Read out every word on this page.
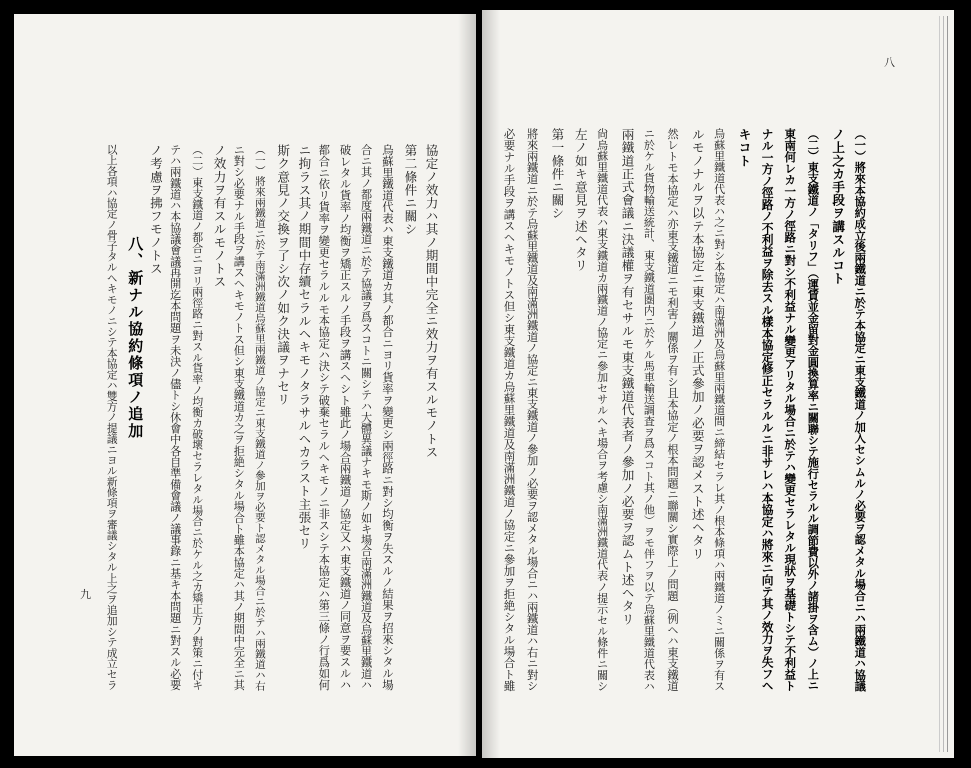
協定ノ效力ハ其ノ期間中完全ニ效力ヲ有スルモノトス
第二條件ニ關シ
烏蘇里鐵道代表ハ東支鐵道カ其ノ都合ニヨリ貨率ヲ變更シ兩徑路ニ對シ均衡ヲ失スルノ結果ヲ招來シタル場
合ニ其ノ都度兩鐵道ニ於テ協議ヲ爲スコトニ關シテハ大體異議ナキモ斯ノ如キ場合南滿洲鐵道及烏蘇里鐵道ハ
破レタル貨率ノ均衡ヲ矯正スルノ手段ヲ講スヘシト雖此ノ場合兩鐵道ノ協定又ハ東支鐵道ノ同意ヲ要スルハ
都合ニ依リ貨率ヲ變更セラルルモ本協定ハ決シテ破棄セラルヘキモノニ非スシテ本協定ハ第三條ノ行爲如何
ニ拘ラス其ノ期間中存續セラルヘキモノタラサルヘカラスト主張セリ
斯ク意見ノ交換ヲ了シ次ノ如ク決議ヲナセリ
（一）將來兩鐵道ニ於テ南滿洲鐵道烏蘇里兩鐵道ノ協定ニ東支鐵道ノ參加ヲ必要ト認メタル場合ニ於テハ兩鐵道ハ右
ニ對シ必要ナル手段ヲ講スヘキモノトス但シ東支鐵道カ之ヲ拒絶シタル場合ト雖本協定ハ其ノ期間中完全ニ其
ノ效力ヲ有スルモノトス
（二）東支鐵道ノ都合ニヨリ兩徑路ニ對スル貨率ノ均衡カ破壞セラレタル場合ニ於ケル之カ矯正方ノ對策ニ付キ
テハ兩鐵道ハ本協議會議再開迄本問題ヲ未決ノ儘トシ休會中各自準備會議ノ議事錄ニ基キ本問題ニ對スル必要
ノ考慮ヲ拂フモノトス
八、新ナル協約條項ノ追加
以上各項ハ協定ノ骨子タルヘキモノニシテ本協定ハ雙方ノ提議ニヨル新條項ヲ審議シタル上之ヲ追加シテ成立セラ
九	（一）將來本協約成立後兩鐵道ニ於テ本協定ニ東支鐵道ノ加入セシムルノ必要ヲ認メタル場合ニハ兩鐵道ハ協議
ノ上之カ手段ヲ講スルコト
（二）東支鐵道ノ「タリフ」（運賃並金留對金圓換算率ニ關聯シテ施行セラルル調節費以外ノ諸掛ヲ含ム）ノ上ニ
東南何レカ一方ノ徑路ニ對シ不利益ナル變更アリタル場合ニ於テハ變更セラレタル現狀ヲ基礎トシテ不利益ト
ナル一方ノ徑路ノ不利益ヲ除去スル樣本協定修正セラルルニ非サレハ本協定ハ將來ニ向テ其ノ效力ヲ失フヘ
キコト
烏蘇里鐵道代表ハ之ニ對シ本協定ハ南滿洲及烏蘇里兩鐵道間ニ締結セラレ其ノ根本條項ハ兩鐵道ノミニ關係ヲ有ス
ルモノナルヲ以テ本協定ニ東支鐵道ノ正式參加ノ必要ヲ認メスト述ヘタリ
然レトモ本協定ハ亦東支鐵道ニモ利害ノ關係ヲ有シ且本協定ノ根本問題ニ聯關シ實際上ノ問題（例ヘハ東支鐵道
ニ於ケル貨物輸送統計、東支鐵道圏内ニ於ケル馬車輸送調査ヲ爲スコト其ノ他）ヲモ伴フヲ以テ烏蘇里鐵道代表ハ
兩鐵道正式會議ニ決議權ヲ有セサルモ東支鐵道代表者ノ參加ノ必要ヲ認ムト述ヘタリ
尙烏蘇里鐵道代表ハ東支鐵道カ兩鐵道ノ協定ニ參加セサルヘキ場合ヲ考慮シ南滿洲鐵道代表ノ提示セル條件ニ關シ
左ノ如キ意見ヲ述ヘタリ
第一條件ニ關シ
將來兩鐵道ニ於テ烏蘇里鐵道及南滿洲鐵道ノ協定ニ東支鐵道ノ參加ノ必要ヲ認メタル場合ニハ兩鐵道ハ右ニ對シ
必要ナル手段ヲ講スヘキモノトス但シ東支鐵道カ烏蘇里鐵道及南滿洲鐵道ノ協定ニ參加ヲ拒絶シタル場合ト雖
八
